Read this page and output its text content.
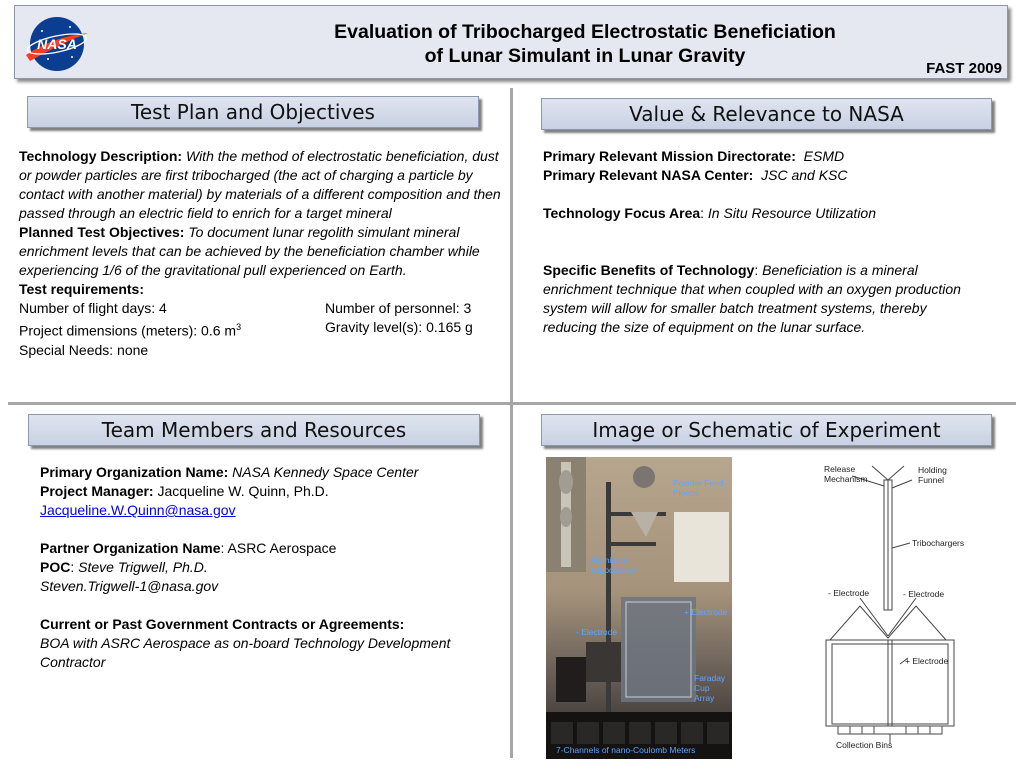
NASA
Evaluation of Tribocharged Electrostatic Beneficiation
of Lunar Simulant in Lunar Gravity
FAST 2009
Test Plan and Objectives	Value & Relevance to NASA
Team Members and Resources	Image or Schematic of Experiment

Technology Description: With the method of electrostatic beneficiation, dust or powder particles are first tribocharged (the act of charging a particle by contact with another material) by materials of a different composition and then passed through an electric field to enrich for a target mineral

Planned Test Objectives: To document lunar regolith simulant mineral enrichment levels that can be achieved by the beneficiation chamber while experiencing 1/6 of the gravitational pull experienced on Earth.

Test requirements:

Number of flight days: 4	Number of personnel: 3

Project dimensions (meters): 0.6 $m^3$	Gravity level(s): 0.165 g

Special Needs: none

Primary Relevant Mission Directorate: ESMD

Primary Relevant NASA Center: JSC and KSC

Technology Focus Area: In Situ Resource Utilization

Specific Benefits of Technology: Beneficiation is a mineral enrichment technique that when coupled with an oxygen production system will allow for smaller batch treatment systems, thereby reducing the size of equipment on the lunar surface.

Primary Organization Name: NASA Kennedy Space Center

Project Manager: Jacqueline W. Quinn, Ph.D.

Jacqueline.W.Quinn@nasa.gov

Partner Organization Name: ASRC Aerospace

POC: Steve Trigwell, Ph.D.

Steven.Trigwell-1@nasa.gov

Current or Past Government Contracts or Agreements:

BOA with ASRC Aerospace as on-board Technology Development Contractor

Powder Feed Pipette
Aluminum Tribocharger
+ Electrode
- Electrode
Faraday Cup Array
7-Channels of nano-Coulomb Meters
Release Mechanism
Holding Funnel
Tribochargers
- Electrode	- Electrode
+ Electrode
Collection Bins
